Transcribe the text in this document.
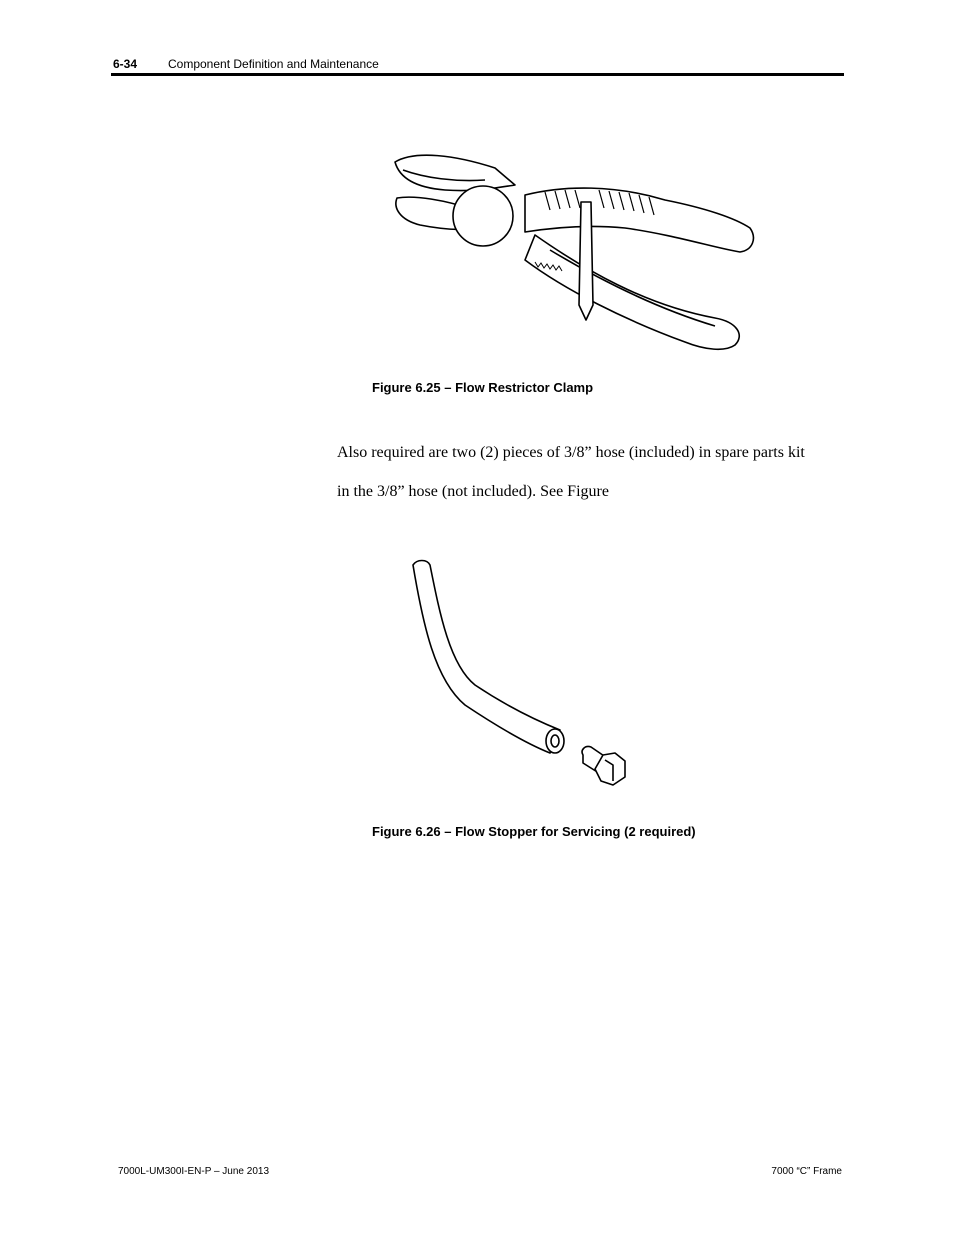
6-34	Component Definition and Maintenance
Figure 6.25 – Flow Restrictor Clamp
Also required are two (2) pieces of 3/8” hose (included) in spare parts kit
in the 3/8” hose (not included). See Figure
Figure 6.26 – Flow Stopper for Servicing (2 required)
7000L-UM300I-EN-P – June 2013	7000 “C” Frame
